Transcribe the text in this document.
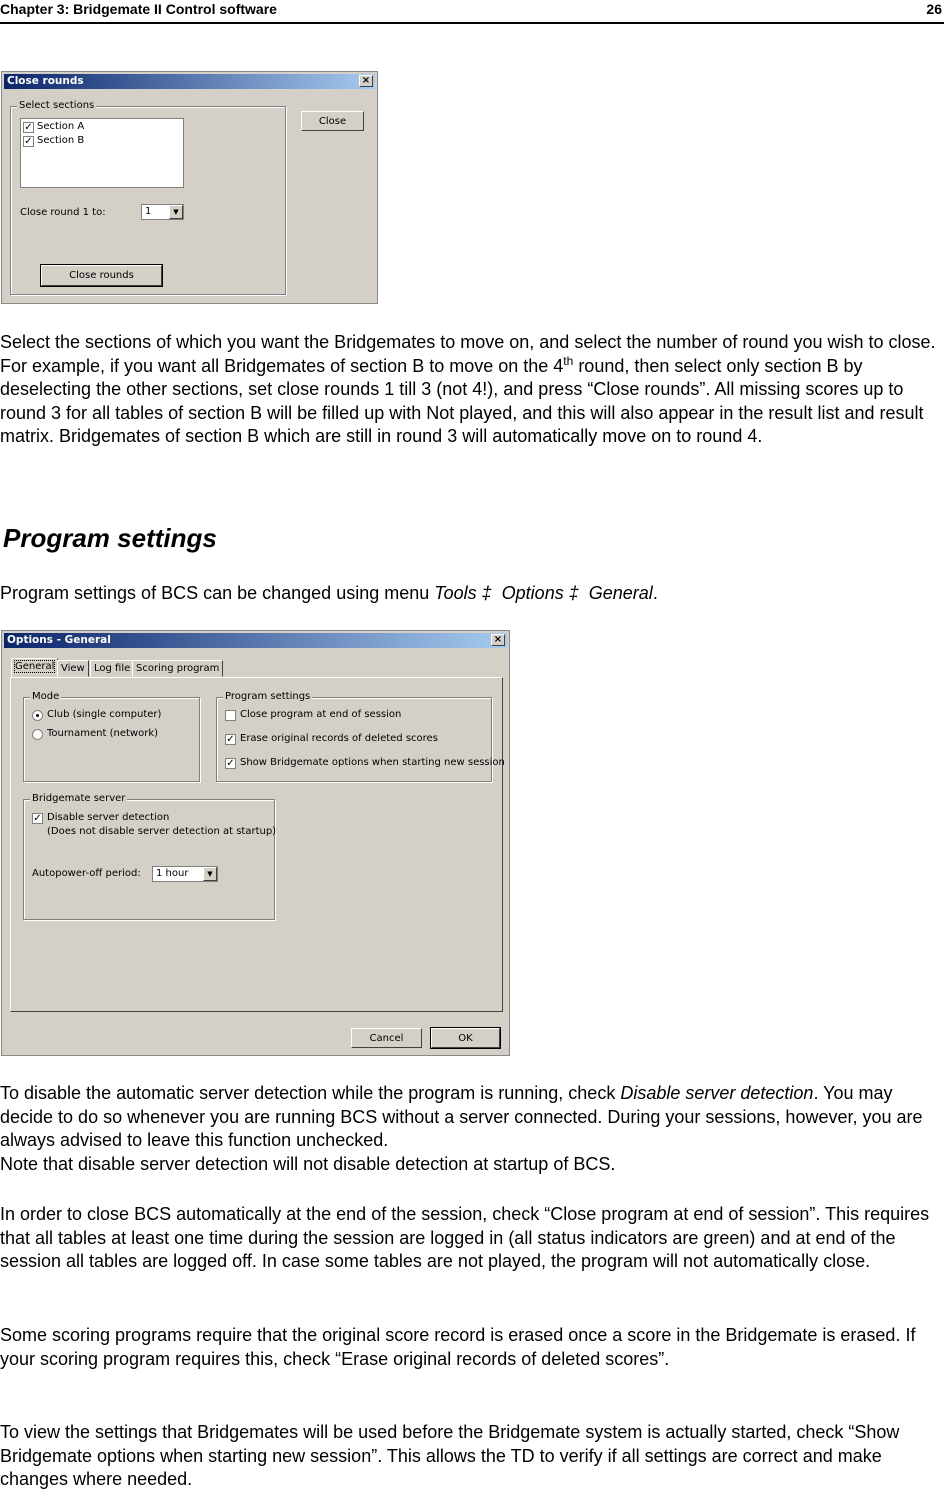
Chapter 3: Bridgemate II Control software	26
Close rounds	×
Select sections
✓ Section A
✓ Section B
Close round 1 to:	1	▼
Close rounds
Close

Select the sections of which you want the Bridgemates to move on, and select the number of round you wish to close. For example, if you want all Bridgemates of section B to move on the 4th round, then select only section B by deselecting the other sections, set close rounds 1 till 3 (not 4!), and press “Close rounds”. All missing scores up to round 3 for all tables of section B will be filled up with Not played, and this will also appear in the result list and result matrix. Bridgemates of section B which are still in round 3 will automatically move on to round 4.

Program settings

Program settings of BCS can be changed using menu Tools ‡ Options ‡ General.

Options - General	×
General View Log file Scoring program
Mode
Club (single computer)
Tournament (network)
Program settings
Close program at end of session
✓ Erase original records of deleted scores
✓ Show Bridgemate options when starting new session
Bridgemate server
✓ Disable server detection
(Does not disable server detection at startup)
Autopower-off period: 1 hour	▼
Cancel	OK

To disable the automatic server detection while the program is running, check Disable server detection. You may decide to do so whenever you are running BCS without a server connected. During your sessions, however, you are always advised to leave this function unchecked.
Note that disable server detection will not disable detection at startup of BCS.

In order to close BCS automatically at the end of the session, check “Close program at end of session”. This requires that all tables at least one time during the session are logged in (all status indicators are green) and at end of the session all tables are logged off. In case some tables are not played, the program will not automatically close.

Some scoring programs require that the original score record is erased once a score in the Bridgemate is erased. If your scoring program requires this, check “Erase original records of deleted scores”.

To view the settings that Bridgemates will be used before the Bridgemate system is actually started, check “Show Bridgemate options when starting new session”. This allows the TD to verify if all settings are correct and make changes where needed.
